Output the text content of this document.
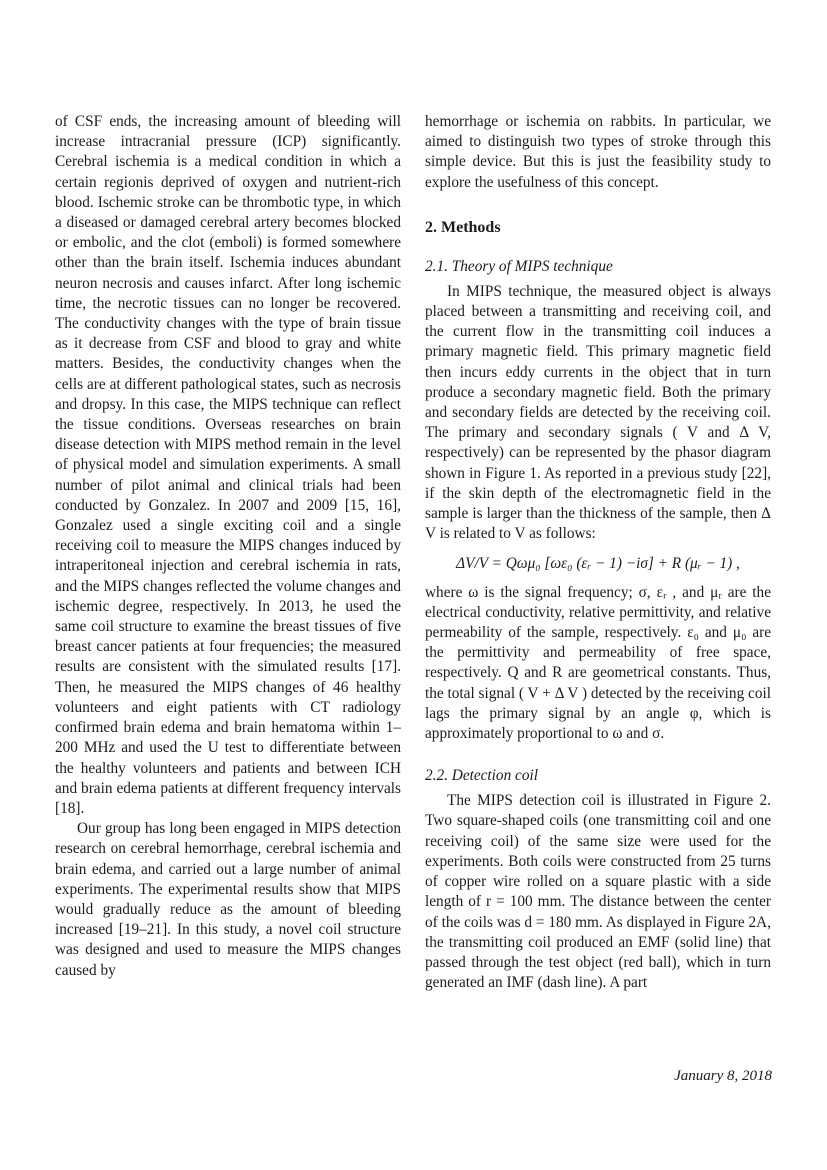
of CSF ends, the increasing amount of bleeding will increase intracranial pressure (ICP) significantly. Cerebral ischemia is a medical condition in which a certain regionis deprived of oxygen and nutrient-rich blood. Ischemic stroke can be thrombotic type, in which a diseased or damaged cerebral artery becomes blocked or embolic, and the clot (emboli) is formed somewhere other than the brain itself. Ischemia induces abundant neuron necrosis and causes infarct. After long ischemic time, the necrotic tissues can no longer be recovered. The conductivity changes with the type of brain tissue as it decrease from CSF and blood to gray and white matters. Besides, the conductivity changes when the cells are at different pathological states, such as necrosis and dropsy. In this case, the MIPS technique can reflect the tissue conditions. Overseas researches on brain disease detection with MIPS method remain in the level of physical model and simulation experiments. A small number of pilot animal and clinical trials had been conducted by Gonzalez. In 2007 and 2009 [15, 16], Gonzalez used a single exciting coil and a single receiving coil to measure the MIPS changes induced by intraperitoneal injection and cerebral ischemia in rats, and the MIPS changes reflected the volume changes and ischemic degree, respectively. In 2013, he used the same coil structure to examine the breast tissues of five breast cancer patients at four frequencies; the measured results are consistent with the simulated results [17]. Then, he measured the MIPS changes of 46 healthy volunteers and eight patients with CT radiology confirmed brain edema and brain hematoma within 1–200 MHz and used the U test to differentiate between the healthy volunteers and patients and between ICH and brain edema patients at different frequency intervals [18].

Our group has long been engaged in MIPS detection research on cerebral hemorrhage, cerebral ischemia and brain edema, and carried out a large number of animal experiments. The experimental results show that MIPS would gradually reduce as the amount of bleeding increased [19–21]. In this study, a novel coil structure was designed and used to measure the MIPS changes caused by

hemorrhage or ischemia on rabbits. In particular, we aimed to distinguish two types of stroke through this simple device. But this is just the feasibility study to explore the usefulness of this concept.

2. Methods
2.1. Theory of MIPS technique

In MIPS technique, the measured object is always placed between a transmitting and receiving coil, and the current flow in the transmitting coil induces a primary magnetic field. This primary magnetic field then incurs eddy currents in the object that in turn produce a secondary magnetic field. Both the primary and secondary fields are detected by the receiving coil. The primary and secondary signals ( V and Δ V, respectively) can be represented by the phasor diagram shown in Figure 1. As reported in a previous study [22], if the skin depth of the electromagnetic field in the sample is larger than the thickness of the sample, then Δ V is related to V as follows:

ΔV/V = Qωμ₀ [ωε₀ (εᵣ − 1) −iσ] + R (μᵣ − 1) ,

where ω is the signal frequency; σ, εᵣ , and μᵣ are the electrical conductivity, relative permittivity, and relative permeability of the sample, respectively. ε₀ and μ₀ are the permittivity and permeability of free space, respectively. Q and R are geometrical constants. Thus, the total signal ( V + Δ V ) detected by the receiving coil lags the primary signal by an angle φ, which is approximately proportional to ω and σ.

2.2. Detection coil

The MIPS detection coil is illustrated in Figure 2. Two square-shaped coils (one transmitting coil and one receiving coil) of the same size were used for the experiments. Both coils were constructed from 25 turns of copper wire rolled on a square plastic with a side length of r = 100 mm. The distance between the center of the coils was d = 180 mm. As displayed in Figure 2A, the transmitting coil produced an EMF (solid line) that passed through the test object (red ball), which in turn generated an IMF (dash line). A part

January 8, 2018
